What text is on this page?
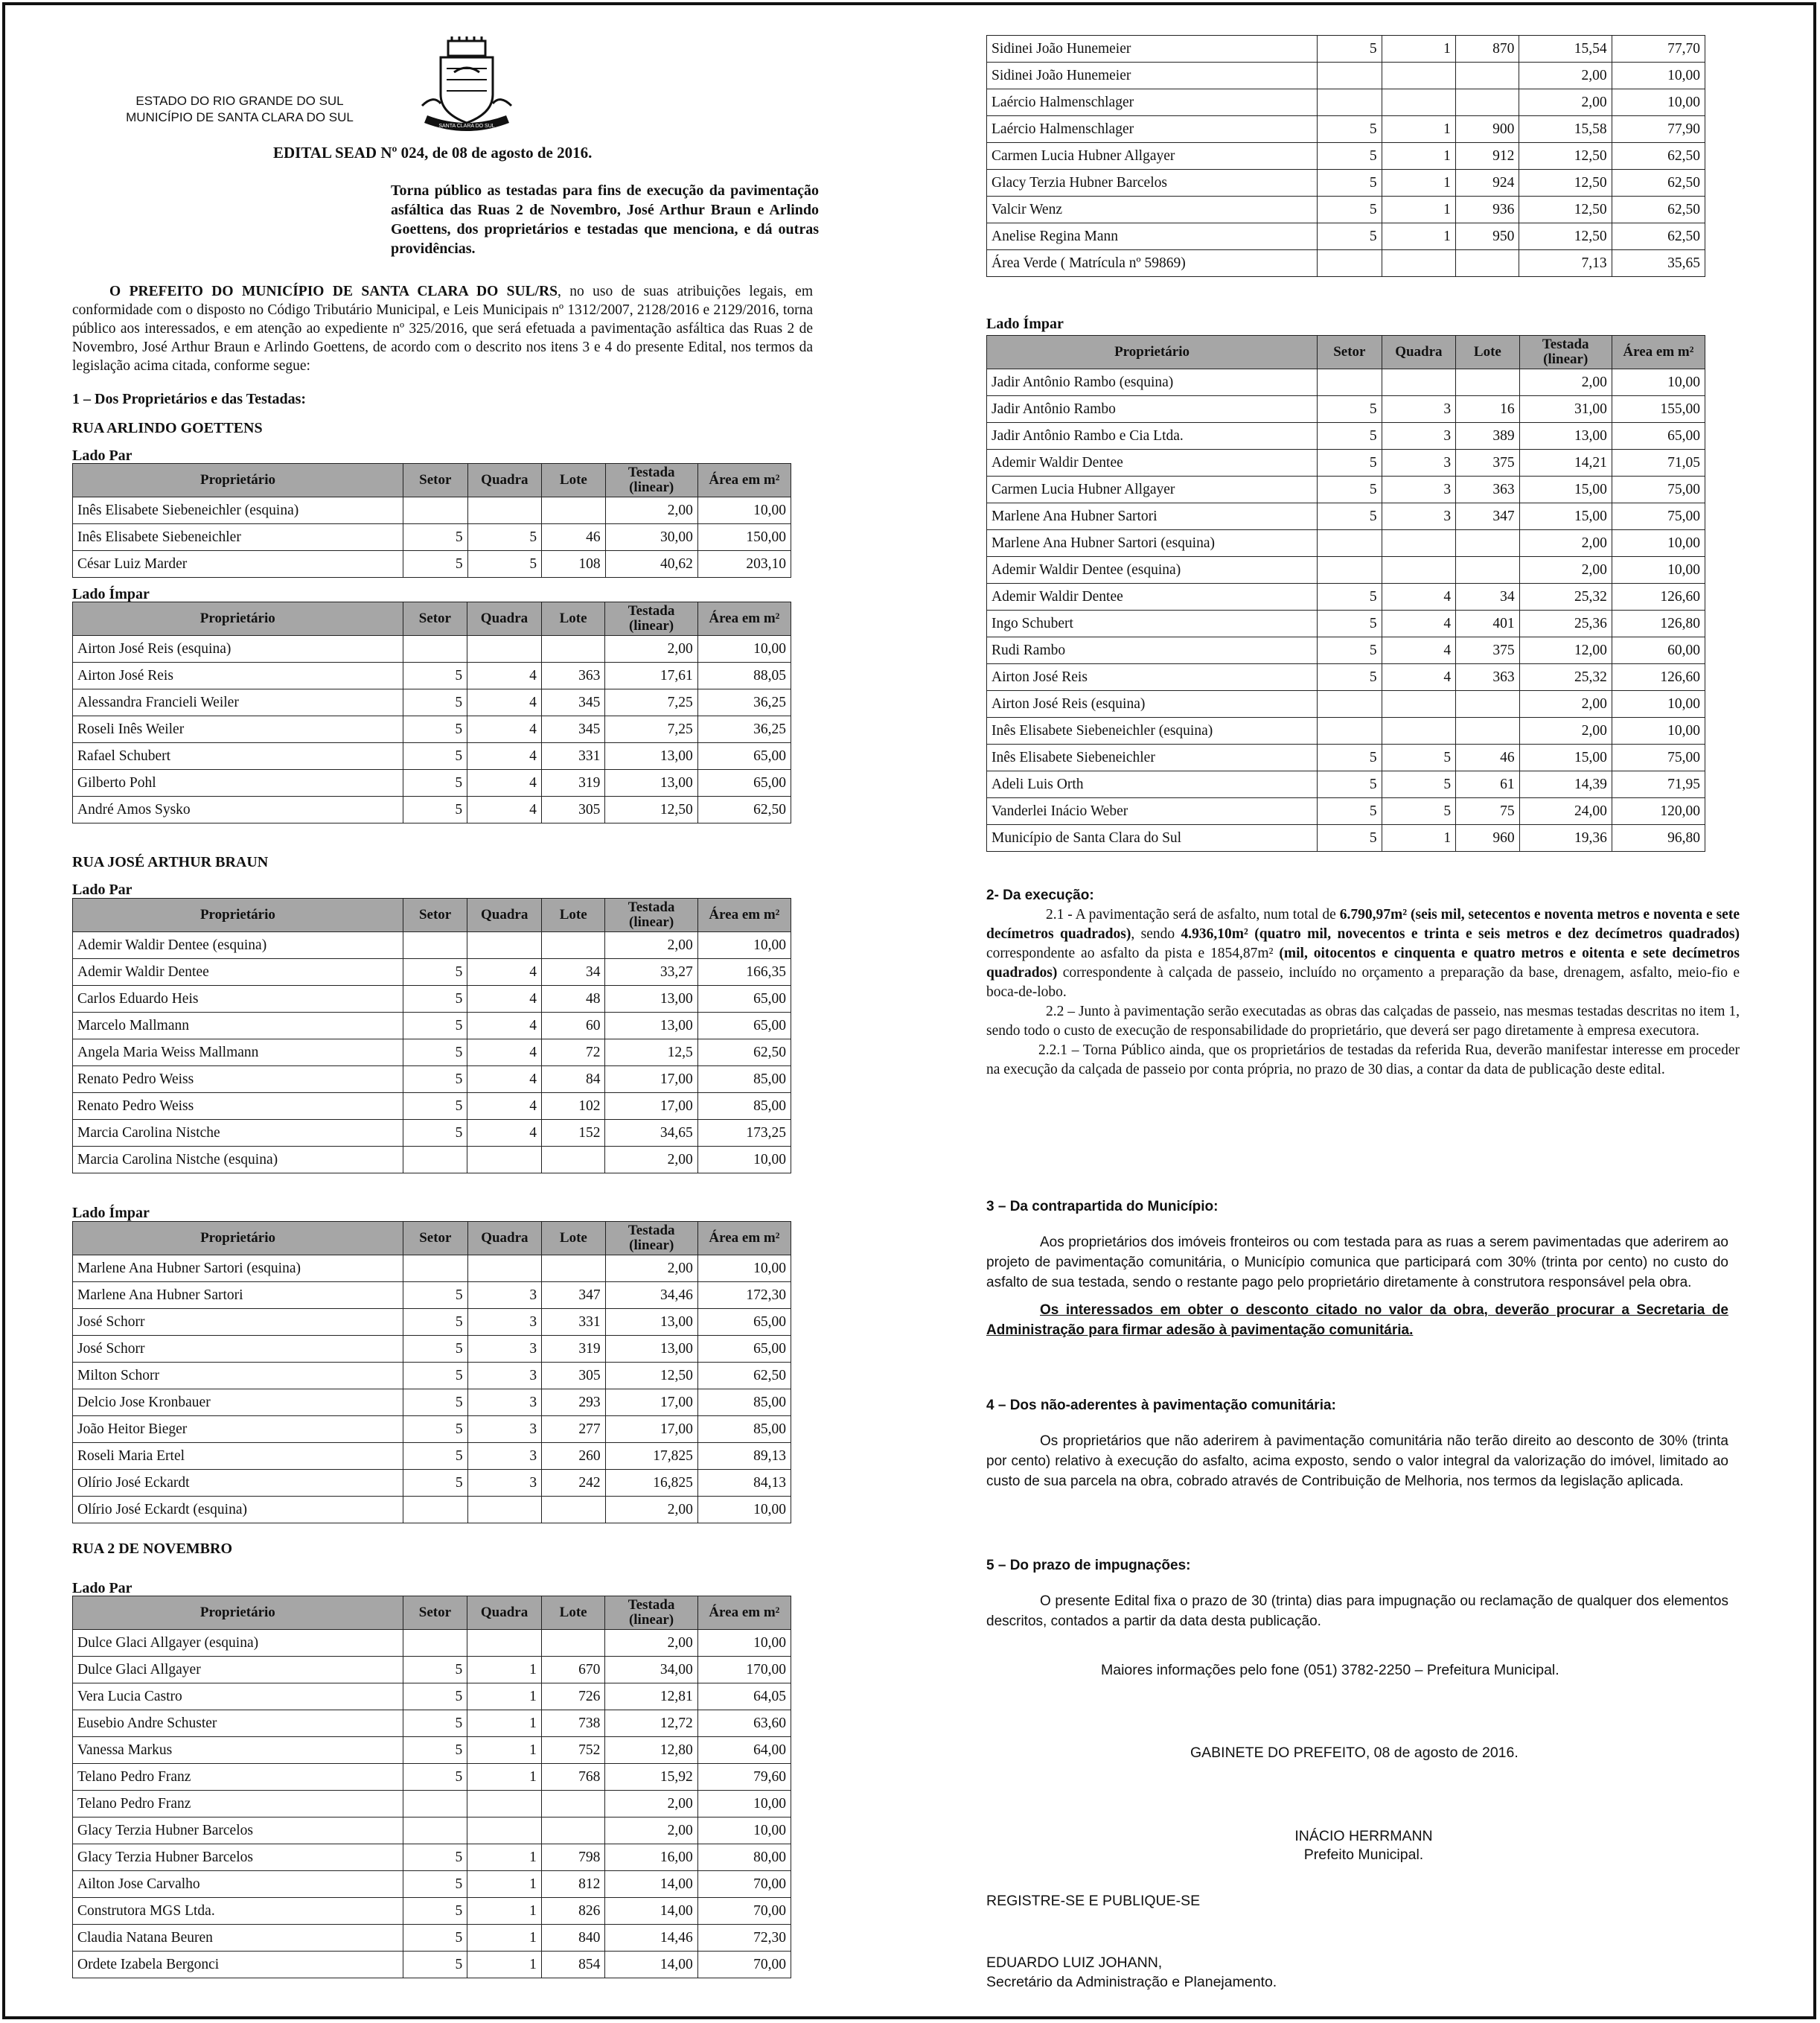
ESTADO DO RIO GRANDE DO SUL
MUNICÍPIO DE SANTA CLARA DO SUL
SANTA CLARA DO SUL
EDITAL SEAD Nº 024, de 08 de agosto de 2016.
Torna público as testadas para fins de execução da pavimentação asfáltica das Ruas 2 de Novembro, José Arthur Braun e Arlindo Goettens, dos proprietários e testadas que menciona, e dá outras providências.
O PREFEITO DO MUNICÍPIO DE SANTA CLARA DO SUL/RS, no uso de suas atribuições legais, em conformidade com o disposto no Código Tributário Municipal, e Leis Municipais nº 1312/2007, 2128/2016 e 2129/2016, torna público aos interessados, e em atenção ao expediente nº 325/2016, que será efetuada a pavimentação asfáltica das Ruas 2 de Novembro, José Arthur Braun e Arlindo Goettens, de acordo com o descrito nos itens 3 e 4 do presente Edital, nos termos da legislação acima citada, conforme segue:
1 – Dos Proprietários e das Testadas:
RUA ARLINDO GOETTENS
Lado Par
Proprietário	Setor	Quadra	Lote	Testada (linear)	Área em m²
Inês Elisabete Siebeneichler (esquina)				2,00	10,00
Inês Elisabete Siebeneichler	5	5	46	30,00	150,00
César Luiz Marder	5	5	108	40,62	203,10
Lado Ímpar
Proprietário	Setor	Quadra	Lote	Testada (linear)	Área em m²
Airton José Reis (esquina)				2,00	10,00
Airton José Reis	5	4	363	17,61	88,05
Alessandra Francieli Weiler	5	4	345	7,25	36,25
Roseli Inês Weiler	5	4	345	7,25	36,25
Rafael Schubert	5	4	331	13,00	65,00
Gilberto Pohl	5	4	319	13,00	65,00
André Amos Sysko	5	4	305	12,50	62,50
RUA JOSÉ ARTHUR BRAUN
Lado Par
Proprietário	Setor	Quadra	Lote	Testada (linear)	Área em m²
Ademir Waldir Dentee (esquina)				2,00	10,00
Ademir Waldir Dentee	5	4	34	33,27	166,35
Carlos Eduardo Heis	5	4	48	13,00	65,00
Marcelo Mallmann	5	4	60	13,00	65,00
Angela Maria Weiss Mallmann	5	4	72	12,5	62,50
Renato Pedro Weiss	5	4	84	17,00	85,00
Renato Pedro Weiss	5	4	102	17,00	85,00
Marcia Carolina Nistche	5	4	152	34,65	173,25
Marcia Carolina Nistche (esquina)				2,00	10,00
Lado Ímpar
Proprietário	Setor	Quadra	Lote	Testada (linear)	Área em m²
Marlene Ana Hubner Sartori (esquina)				2,00	10,00
Marlene Ana Hubner Sartori	5	3	347	34,46	172,30
José Schorr	5	3	331	13,00	65,00
José Schorr	5	3	319	13,00	65,00
Milton Schorr	5	3	305	12,50	62,50
Delcio Jose Kronbauer	5	3	293	17,00	85,00
João Heitor Bieger	5	3	277	17,00	85,00
Roseli Maria Ertel	5	3	260	17,825	89,13
Olírio José Eckardt	5	3	242	16,825	84,13
Olírio José Eckardt (esquina)				2,00	10,00
RUA 2 DE NOVEMBRO
Lado Par
Proprietário	Setor	Quadra	Lote	Testada (linear)	Área em m²
Dulce Glaci Allgayer (esquina)				2,00	10,00
Dulce Glaci Allgayer	5	1	670	34,00	170,00
Vera Lucia Castro	5	1	726	12,81	64,05
Eusebio Andre Schuster	5	1	738	12,72	63,60
Vanessa Markus	5	1	752	12,80	64,00
Telano Pedro Franz	5	1	768	15,92	79,60
Telano Pedro Franz				2,00	10,00
Glacy Terzia Hubner Barcelos				2,00	10,00
Glacy Terzia Hubner Barcelos	5	1	798	16,00	80,00
Ailton Jose Carvalho	5	1	812	14,00	70,00
Construtora MGS Ltda.	5	1	826	14,00	70,00
Claudia Natana Beuren	5	1	840	14,46	72,30
Ordete Izabela Bergonci	5	1	854	14,00	70,00
Sidinei João Hunemeier	5	1	870	15,54	77,70
Sidinei João Hunemeier				2,00	10,00
Laércio Halmenschlager				2,00	10,00
Laércio Halmenschlager	5	1	900	15,58	77,90
Carmen Lucia Hubner Allgayer	5	1	912	12,50	62,50
Glacy Terzia Hubner Barcelos	5	1	924	12,50	62,50
Valcir Wenz	5	1	936	12,50	62,50
Anelise Regina Mann	5	1	950	12,50	62,50
Área Verde ( Matrícula nº 59869)				7,13	35,65
Lado Ímpar
Proprietário	Setor	Quadra	Lote	Testada (linear)	Área em m²
Jadir Antônio Rambo (esquina)				2,00	10,00
Jadir Antônio Rambo	5	3	16	31,00	155,00
Jadir Antônio Rambo e Cia Ltda.	5	3	389	13,00	65,00
Ademir Waldir Dentee	5	3	375	14,21	71,05
Carmen Lucia Hubner Allgayer	5	3	363	15,00	75,00
Marlene Ana Hubner Sartori	5	3	347	15,00	75,00
Marlene Ana Hubner Sartori (esquina)				2,00	10,00
Ademir Waldir Dentee (esquina)				2,00	10,00
Ademir Waldir Dentee	5	4	34	25,32	126,60
Ingo Schubert	5	4	401	25,36	126,80
Rudi Rambo	5	4	375	12,00	60,00
Airton José Reis	5	4	363	25,32	126,60
Airton José Reis (esquina)				2,00	10,00
Inês Elisabete Siebeneichler (esquina)				2,00	10,00
Inês Elisabete Siebeneichler	5	5	46	15,00	75,00
Adeli Luis Orth	5	5	61	14,39	71,95
Vanderlei Inácio Weber	5	5	75	24,00	120,00
Município de Santa Clara do Sul	5	1	960	19,36	96,80
2- Da execução:
2.1 - A pavimentação será de asfalto, num total de 6.790,97m² (seis mil, setecentos e noventa metros e noventa e sete decímetros quadrados), sendo 4.936,10m² (quatro mil, novecentos e trinta e seis metros e dez decímetros quadrados) correspondente ao asfalto da pista e 1854,87m² (mil, oitocentos e cinquenta e quatro metros e oitenta e sete decímetros quadrados) correspondente à calçada de passeio, incluído no orçamento a preparação da base, drenagem, asfalto, meio-fio e boca-de-lobo.
2.2 – Junto à pavimentação serão executadas as obras das calçadas de passeio, nas mesmas testadas descritas no item 1, sendo todo o custo de execução de responsabilidade do proprietário, que deverá ser pago diretamente à empresa executora.
2.2.1 – Torna Público ainda, que os proprietários de testadas da referida Rua, deverão manifestar interesse em proceder na execução da calçada de passeio por conta própria, no prazo de 30 dias, a contar da data de publicação deste edital.
3 – Da contrapartida do Município:
Aos proprietários dos imóveis fronteiros ou com testada para as ruas a serem pavimentadas que aderirem ao projeto de pavimentação comunitária, o Município comunica que participará com 30% (trinta por cento) no custo do asfalto de sua testada, sendo o restante pago pelo proprietário diretamente à construtora responsável pela obra.
Os interessados em obter o desconto citado no valor da obra, deverão procurar a Secretaria de Administração para firmar adesão à pavimentação comunitária.
4 – Dos não-aderentes à pavimentação comunitária:
Os proprietários que não aderirem à pavimentação comunitária não terão direito ao desconto de 30% (trinta por cento) relativo à execução do asfalto, acima exposto, sendo o valor integral da valorização do imóvel, limitado ao custo de sua parcela na obra, cobrado através de Contribuição de Melhoria, nos termos da legislação aplicada.
5 – Do prazo de impugnações:
O presente Edital fixa o prazo de 30 (trinta) dias para impugnação ou reclamação de qualquer dos elementos descritos, contados a partir da data desta publicação.
Maiores informações pelo fone (051) 3782-2250 – Prefeitura Municipal.
GABINETE DO PREFEITO, 08 de agosto de 2016.
INÁCIO HERRMANN
Prefeito Municipal.
REGISTRE-SE E PUBLIQUE-SE
EDUARDO LUIZ JOHANN,
Secretário da Administração e Planejamento.
